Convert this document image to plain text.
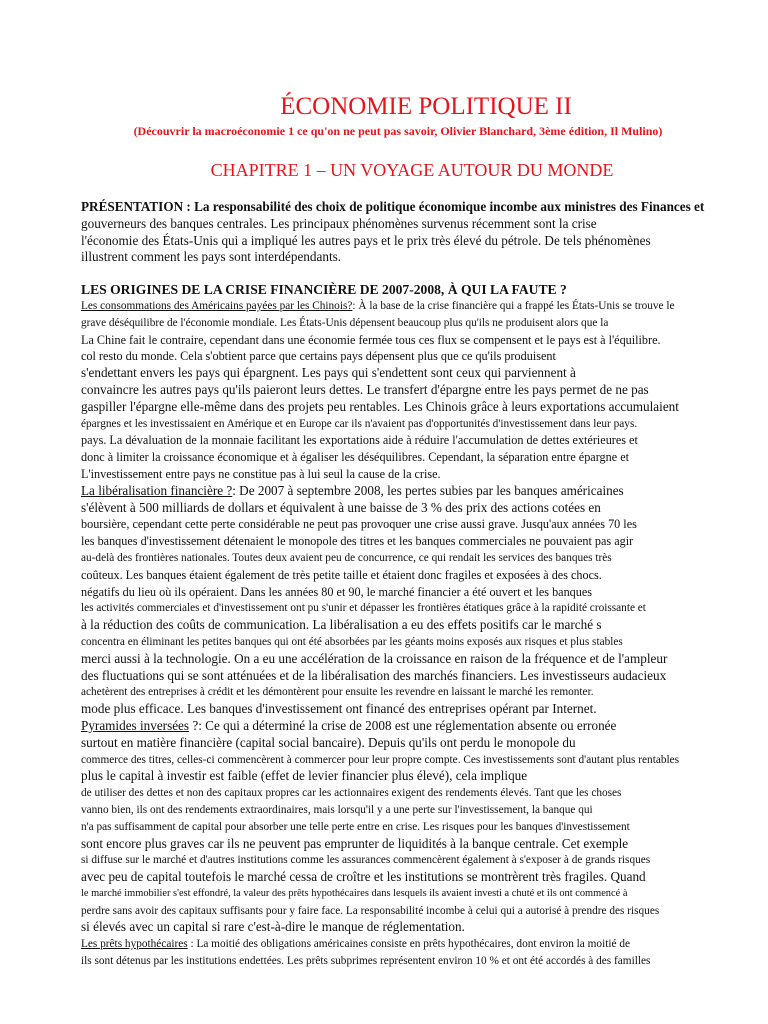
ÉCONOMIE POLITIQUE II
(Découvrir la macroéconomie 1 ce qu'on ne peut pas savoir, Olivier Blanchard, 3ème édition, Il Mulino)
CHAPITRE 1 – UN VOYAGE AUTOUR DU MONDE
PRÉSENTATION : La responsabilité des choix de politique économique incombe aux ministres des Finances et
gouverneurs des banques centrales. Les principaux phénomènes survenus récemment sont la crise
l'économie des États-Unis qui a impliqué les autres pays et le prix très élevé du pétrole. De tels phénomènes
illustrent comment les pays sont interdépendants.
LES ORIGINES DE LA CRISE FINANCIÈRE DE 2007-2008, À QUI LA FAUTE ?
Les consommations des Américains payées par les Chinois?: À la base de la crise financière qui a frappé les États-Unis se trouve le
grave déséquilibre de l'économie mondiale. Les États-Unis dépensent beaucoup plus qu'ils ne produisent alors que la
La Chine fait le contraire, cependant dans une économie fermée tous ces flux se compensent et le pays est à l'équilibre.
col resto du monde. Cela s'obtient parce que certains pays dépensent plus que ce qu'ils produisent
s'endettant envers les pays qui épargnent. Les pays qui s'endettent sont ceux qui parviennent à
convaincre les autres pays qu'ils paieront leurs dettes. Le transfert d'épargne entre les pays permet de ne pas
gaspiller l'épargne elle-même dans des projets peu rentables. Les Chinois grâce à leurs exportations accumulaient
épargnes et les investissaient en Amérique et en Europe car ils n'avaient pas d'opportunités d'investissement dans leur pays.
pays. La dévaluation de la monnaie facilitant les exportations aide à réduire l'accumulation de dettes extérieures et
donc à limiter la croissance économique et à égaliser les déséquilibres. Cependant, la séparation entre épargne et
L'investissement entre pays ne constitue pas à lui seul la cause de la crise.
La libéralisation financière ?: De 2007 à septembre 2008, les pertes subies par les banques américaines
s'élèvent à 500 milliards de dollars et équivalent à une baisse de 3 % des prix des actions cotées en
boursière, cependant cette perte considérable ne peut pas provoquer une crise aussi grave. Jusqu'aux années 70 les
les banques d'investissement détenaient le monopole des titres et les banques commerciales ne pouvaient pas agir
au-delà des frontières nationales. Toutes deux avaient peu de concurrence, ce qui rendait les services des banques très
coûteux. Les banques étaient également de très petite taille et étaient donc fragiles et exposées à des chocs.
négatifs du lieu où ils opéraient. Dans les années 80 et 90, le marché financier a été ouvert et les banques
les activités commerciales et d'investissement ont pu s'unir et dépasser les frontières étatiques grâce à la rapidité croissante et
à la réduction des coûts de communication. La libéralisation a eu des effets positifs car le marché s
concentra en éliminant les petites banques qui ont été absorbées par les géants moins exposés aux risques et plus stables
merci aussi à la technologie. On a eu une accélération de la croissance en raison de la fréquence et de l'ampleur
des fluctuations qui se sont atténuées et de la libéralisation des marchés financiers. Les investisseurs audacieux
achetèrent des entreprises à crédit et les démontèrent pour ensuite les revendre en laissant le marché les remonter.
mode plus efficace. Les banques d'investissement ont financé des entreprises opérant par Internet.
Pyramides inversées ?: Ce qui a déterminé la crise de 2008 est une réglementation absente ou erronée
surtout en matière financière (capital social bancaire). Depuis qu'ils ont perdu le monopole du
commerce des titres, celles-ci commencèrent à commercer pour leur propre compte. Ces investissements sont d'autant plus rentables
plus le capital à investir est faible (effet de levier financier plus élevé), cela implique
de utiliser des dettes et non des capitaux propres car les actionnaires exigent des rendements élevés. Tant que les choses
vanno bien, ils ont des rendements extraordinaires, mais lorsqu'il y a une perte sur l'investissement, la banque qui
n'a pas suffisamment de capital pour absorber une telle perte entre en crise. Les risques pour les banques d'investissement
sont encore plus graves car ils ne peuvent pas emprunter de liquidités à la banque centrale. Cet exemple
si diffuse sur le marché et d'autres institutions comme les assurances commencèrent également à s'exposer à de grands risques
avec peu de capital toutefois le marché cessa de croître et les institutions se montrèrent très fragiles. Quand
le marché immobilier s'est effondré, la valeur des prêts hypothécaires dans lesquels ils avaient investi a chuté et ils ont commencé à
perdre sans avoir des capitaux suffisants pour y faire face. La responsabilité incombe à celui qui a autorisé à prendre des risques
si élevés avec un capital si rare c'est-à-dire le manque de réglementation.
Les prêts hypothécaires : La moitié des obligations américaines consiste en prêts hypothécaires, dont environ la moitié de
ils sont détenus par les institutions endettées. Les prêts subprimes représentent environ 10 % et ont été accordés à des familles
